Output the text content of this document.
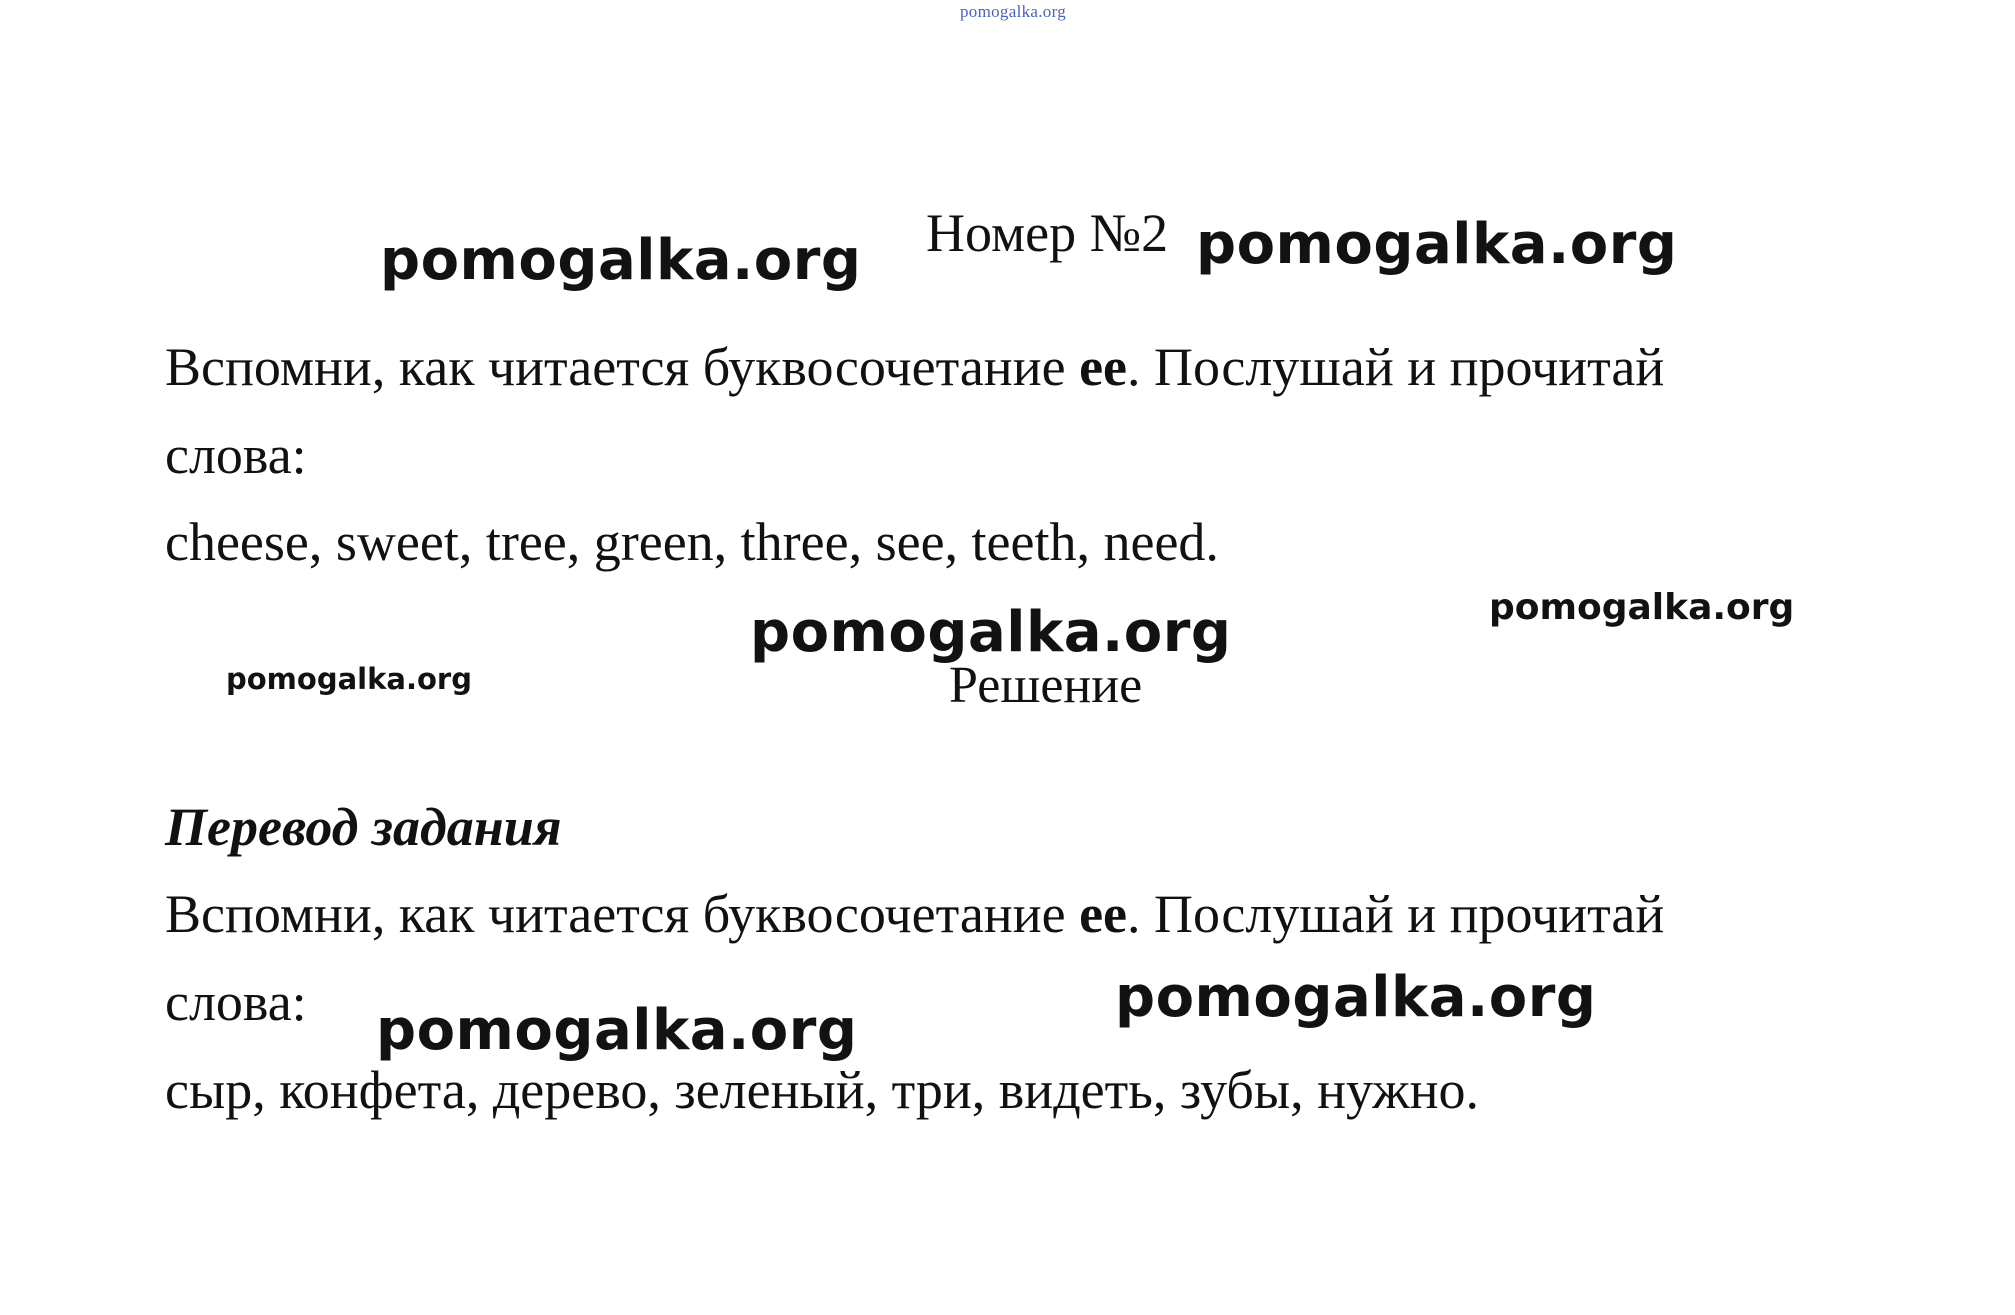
pomogalka.org
Номер №2
pomogalka.org	pomogalka.org
Вспомни, как читается буквосочетание ee. Послушай и прочитай
слова:
cheese, sweet, tree, green, three, see, teeth, need.
pomogalka.org	pomogalka.org
pomogalka.org	Решение
Перевод задания
Вспомни, как читается буквосочетание ee. Послушай и прочитай
слова:	pomogalka.org
pomogalka.org
сыр, конфета, дерево, зеленый, три, видеть, зубы, нужно.
